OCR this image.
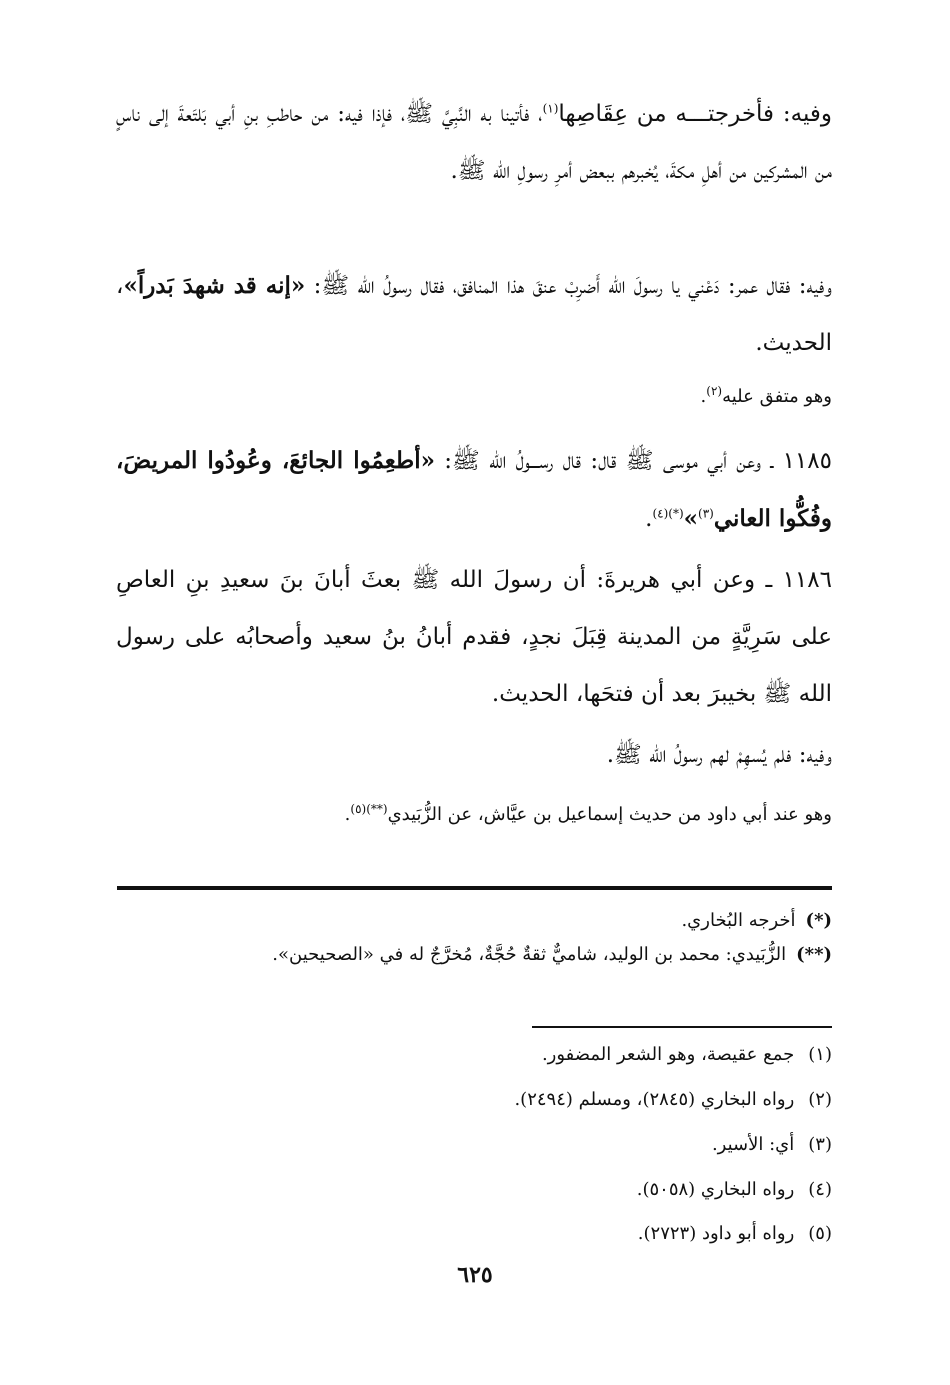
وفيه: فأخرجتـــه من عِقَاصِها$^{(١)}$، فأتينا به النَّبِيَّ ﷺ، فإذا فيه: من حاطبِ بنِ أبي بَلتَعةَ إلى ناسٍ من المشركين من أهلِ مكةَ، يُخبرهم ببعض أمرِ رسولِ الله ﷺ.

وفيه: فقال عمر: دَعْني يا رسولَ الله أَضرِبْ عنقَ هذا المنافق، فقال رسولُ الله ﷺ: «إنه قد شهدَ بَدراً»، الحديث.

وهو متفق عليه$^{(٢)}$.

١١٨٥ ـ وعن أبي موسى ﷺ قال: قال رســـولُ الله ﷺ: «أطعِمُوا الجائعَ، وعُودُوا المريضَ، وفُكُّوا العاني$^{(٣)}$»$^{(*)(٤)}$.

١١٨٦ ـ وعن أبي هريرةَ: أن رسولَ الله ﷺ بعثَ أبانَ بنَ سعيدِ بنِ العاصِ على سَرِيَّةٍ من المدينة قِبَلَ نجدٍ، فقدم أبانُ بنُ سعيد وأصحابُه على رسول الله ﷺ بخيبرَ بعد أن فتحَها، الحديث.

وفيه: فلم يُسهِمْ لهم رسولُ الله ﷺ.

وهو عند أبي داود من حديث إسماعيل بن عيَّاش، عن الزُّبَيدي$^{(**)(٥)}$.

(*)أخرجه البُخاري.

(**)الزُّبَيدي: محمد بن الوليد، شاميٌّ ثقةٌ حُجَّةٌ، مُخرَّجٌ له في «الصحيحين».

(١)جمع عقيصة، وهو الشعر المضفور.

(٢)رواه البخاري (٢٨٤٥)، ومسلم (٢٤٩٤).

(٣)أي: الأسير.

(٤)رواه البخاري (٥٠٥٨).

(٥)رواه أبو داود (٢٧٢٣).

٦٢٥
